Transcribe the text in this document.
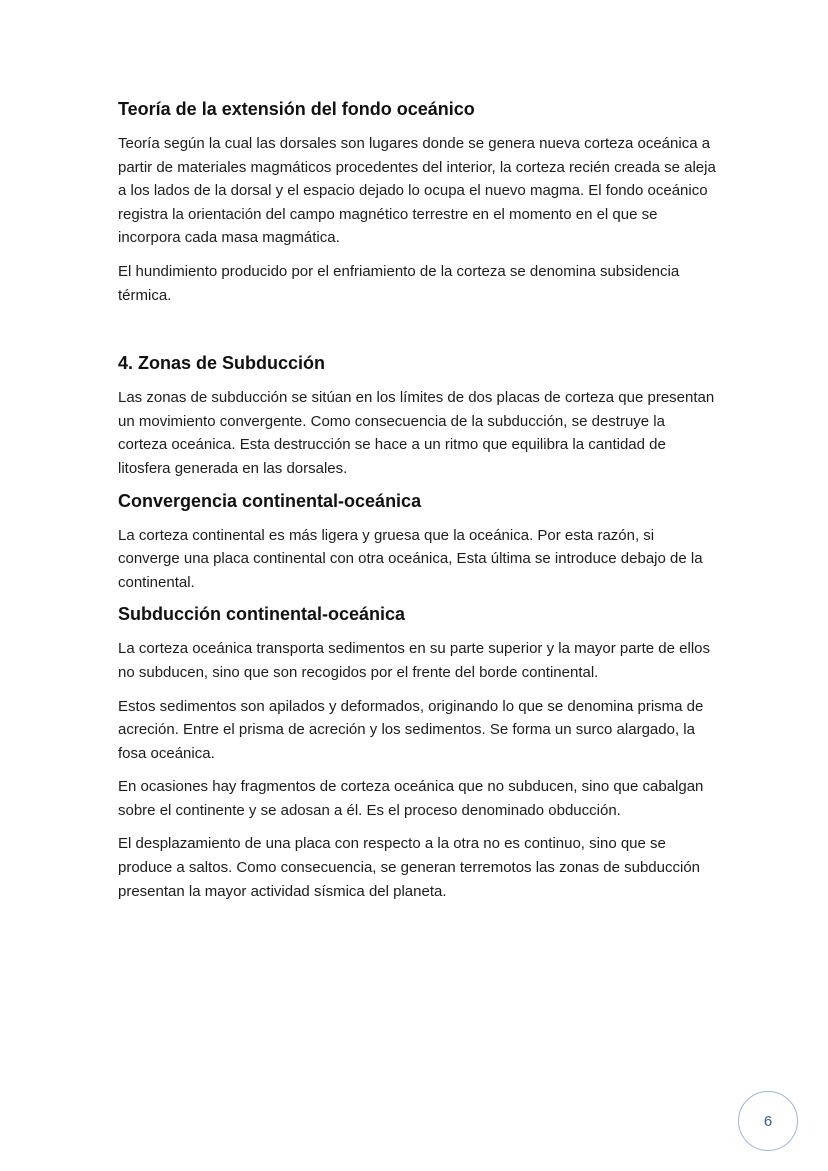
Teoría de la extensión del fondo oceánico

Teoría según la cual las dorsales son lugares donde se genera nueva corteza oceánica a partir de materiales magmáticos procedentes del interior, la corteza recién creada se aleja a los lados de la dorsal y el espacio dejado lo ocupa el nuevo magma. El fondo oceánico registra la orientación del campo magnético terrestre en el momento en el que se incorpora cada masa magmática.

El hundimiento producido por el enfriamiento de la corteza se denomina subsidencia térmica.

4. Zonas de Subducción

Las zonas de subducción se sitúan en los límites de dos placas de corteza que presentan un movimiento convergente. Como consecuencia de la subducción, se destruye la corteza oceánica. Esta destrucción se hace a un ritmo que equilibra la cantidad de litosfera generada en las dorsales.

Convergencia continental-oceánica

La corteza continental es más ligera y gruesa que la oceánica. Por esta razón, si converge una placa continental con otra oceánica, Esta última se introduce debajo de la continental.

Subducción continental-oceánica

La corteza oceánica transporta sedimentos en su parte superior y la mayor parte de ellos no subducen, sino que son recogidos por el frente del borde continental.

Estos sedimentos son apilados y deformados, originando lo que se denomina prisma de acreción. Entre el prisma de acreción y los sedimentos. Se forma un surco alargado, la fosa oceánica.

En ocasiones hay fragmentos de corteza oceánica que no subducen, sino que cabalgan sobre el continente y se adosan a él. Es el proceso denominado obducción.

El desplazamiento de una placa con respecto a la otra no es continuo, sino que se produce a saltos. Como consecuencia, se generan terremotos las zonas de subducción presentan la mayor actividad sísmica del planeta.

6
